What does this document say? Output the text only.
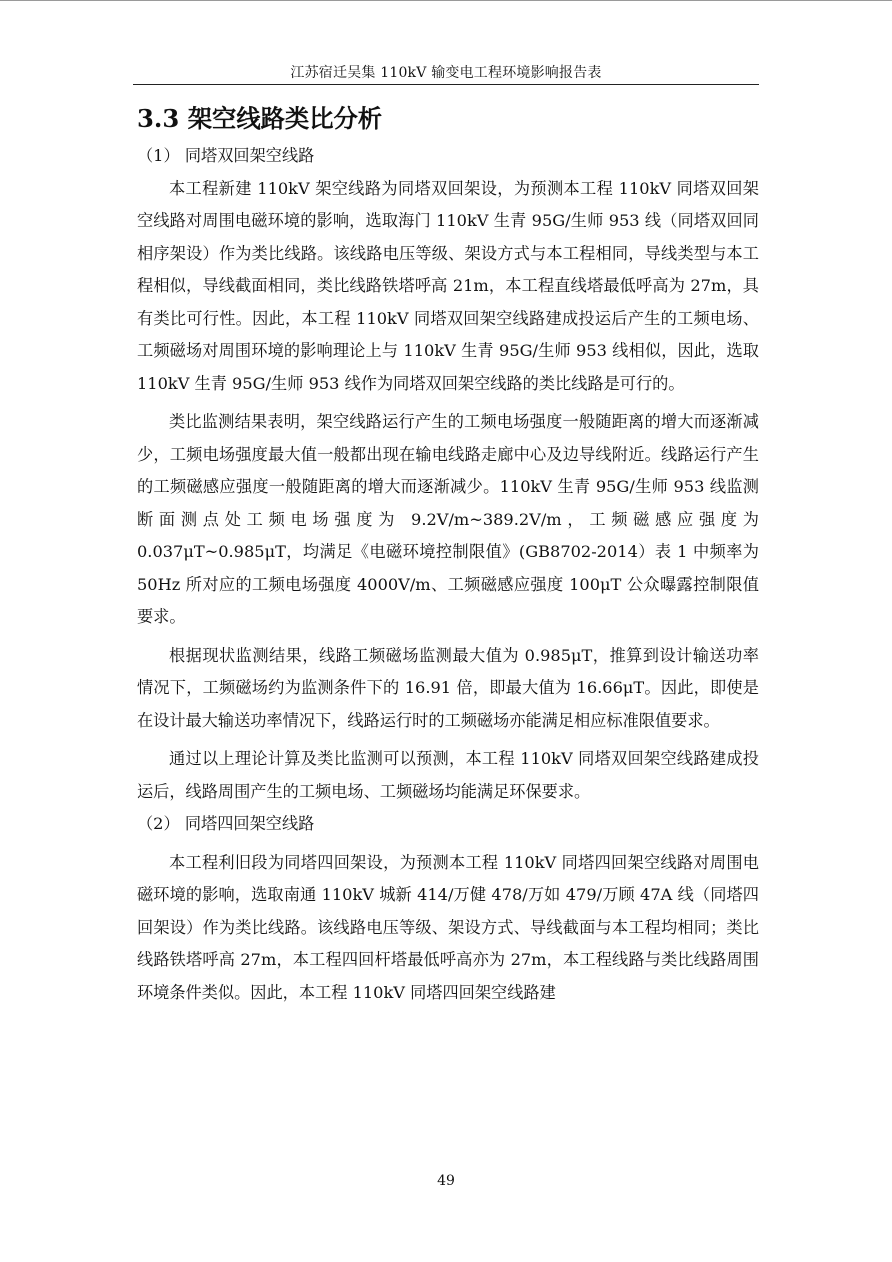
江苏宿迁吴集 110kV 输变电工程环境影响报告表
3.3 架空线路类比分析
（1） 同塔双回架空线路

本工程新建 110kV 架空线路为同塔双回架设，为预测本工程 110kV 同塔双回架空线路对周围电磁环境的影响，选取海门 110kV 生青 95G/生师 953 线（同塔双回同相序架设）作为类比线路。该线路电压等级、架设方式与本工程相同，导线类型与本工程相似，导线截面相同，类比线路铁塔呼高 21m，本工程直线塔最低呼高为 27m，具有类比可行性。因此，本工程 110kV 同塔双回架空线路建成投运后产生的工频电场、工频磁场对周围环境的影响理论上与 110kV 生青 95G/生师 953 线相似，因此，选取 110kV 生青 95G/生师 953 线作为同塔双回架空线路的类比线路是可行的。

类比监测结果表明，架空线路运行产生的工频电场强度一般随距离的增大而逐渐减少，工频电场强度最大值一般都出现在输电线路走廊中心及边导线附近。线路运行产生的工频磁感应强度一般随距离的增大而逐渐减少。110kV 生青 95G/生师 953 线监测断面测点处工频电场强度为 9.2V/m~389.2V/m，工频磁感应强度为 0.037μT~0.985μT，均满足《电磁环境控制限值》(GB8702-2014）表 1 中频率为 50Hz 所对应的工频电场强度 4000V/m、工频磁感应强度 100μT 公众曝露控制限值要求。

根据现状监测结果，线路工频磁场监测最大值为 0.985μT，推算到设计输送功率情况下，工频磁场约为监测条件下的 16.91 倍，即最大值为 16.66μT。因此，即使是在设计最大输送功率情况下，线路运行时的工频磁场亦能满足相应标准限值要求。

通过以上理论计算及类比监测可以预测，本工程 110kV 同塔双回架空线路建成投运后，线路周围产生的工频电场、工频磁场均能满足环保要求。

（2） 同塔四回架空线路

本工程利旧段为同塔四回架设，为预测本工程 110kV 同塔四回架空线路对周围电磁环境的影响，选取南通 110kV 城新 414/万健 478/万如 479/万顾 47A 线（同塔四回架设）作为类比线路。该线路电压等级、架设方式、导线截面与本工程均相同；类比线路铁塔呼高 27m，本工程四回杆塔最低呼高亦为 27m，本工程线路与类比线路周围环境条件类似。因此，本工程 110kV 同塔四回架空线路建

49
